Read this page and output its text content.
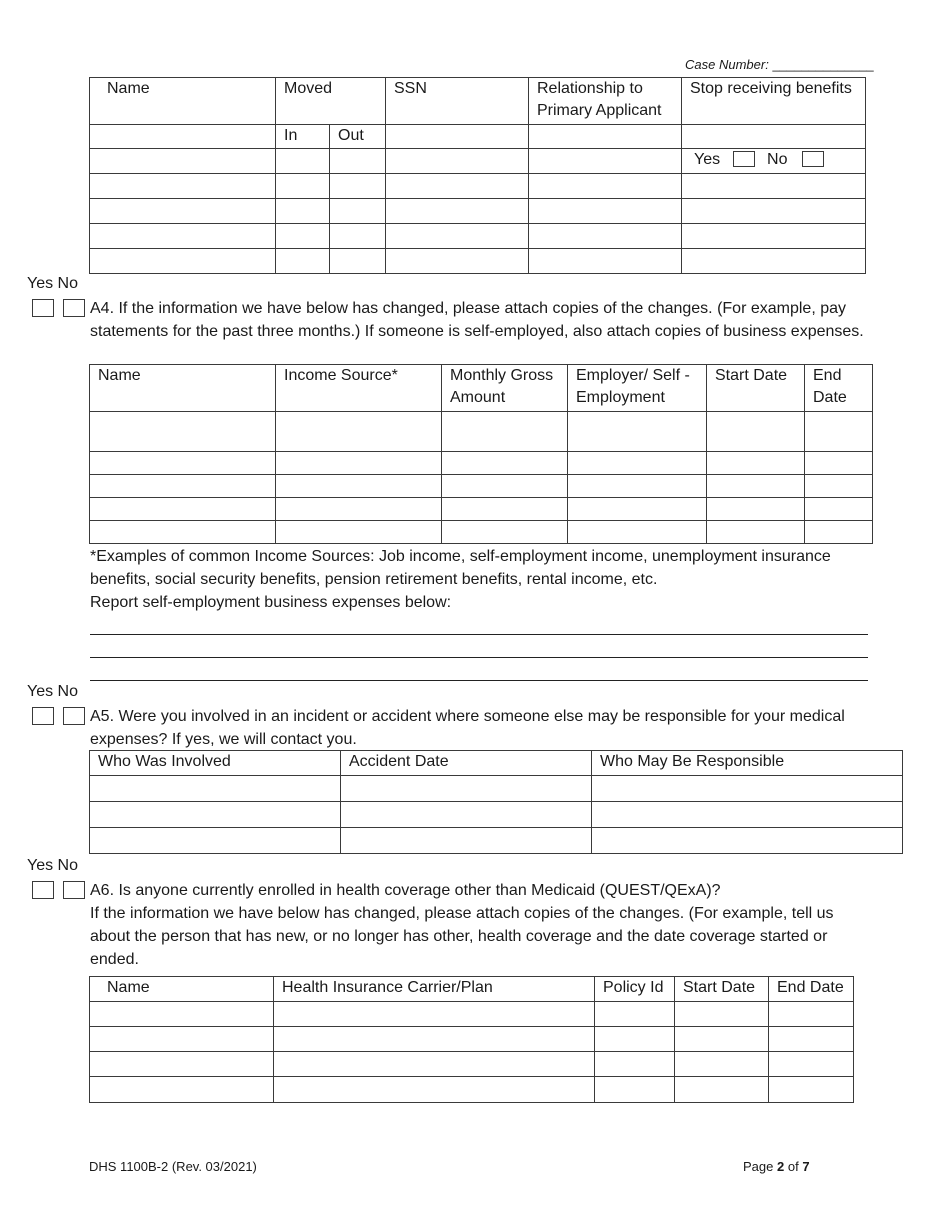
Case Number: ______________
Name	Moved		SSN	Relationship to Primary Applicant	Stop receiving benefits
	In	Out			
					Yes No

Yes No
A4. If the information we have below has changed, please attach copies of the changes. (For example, pay statements for the past three months.) If someone is self-employed, also attach copies of business expenses.
Name	Income Source*	Monthly Gross Amount	Employer/ Self - Employment	Start Date	End Date

*Examples of common Income Sources: Job income, self-employment income, unemployment insurance benefits, social security benefits, pension retirement benefits, rental income, etc.
Report self-employment business expenses below:
Yes No
A5. Were you involved in an incident or accident where someone else may be responsible for your medical expenses? If yes, we will contact you.
Who Was Involved	Accident Date	Who May Be Responsible

Yes No
A6. Is anyone currently enrolled in health coverage other than Medicaid (QUEST/QExA)?
If the information we have below has changed, please attach copies of the changes. (For example, tell us about the person that has new, or no longer has other, health coverage and the date coverage started or ended.
Name	Health Insurance Carrier/Plan	Policy Id	Start Date	End Date

DHS 1100B-2 (Rev. 03/2021)	Page 2 of 7
